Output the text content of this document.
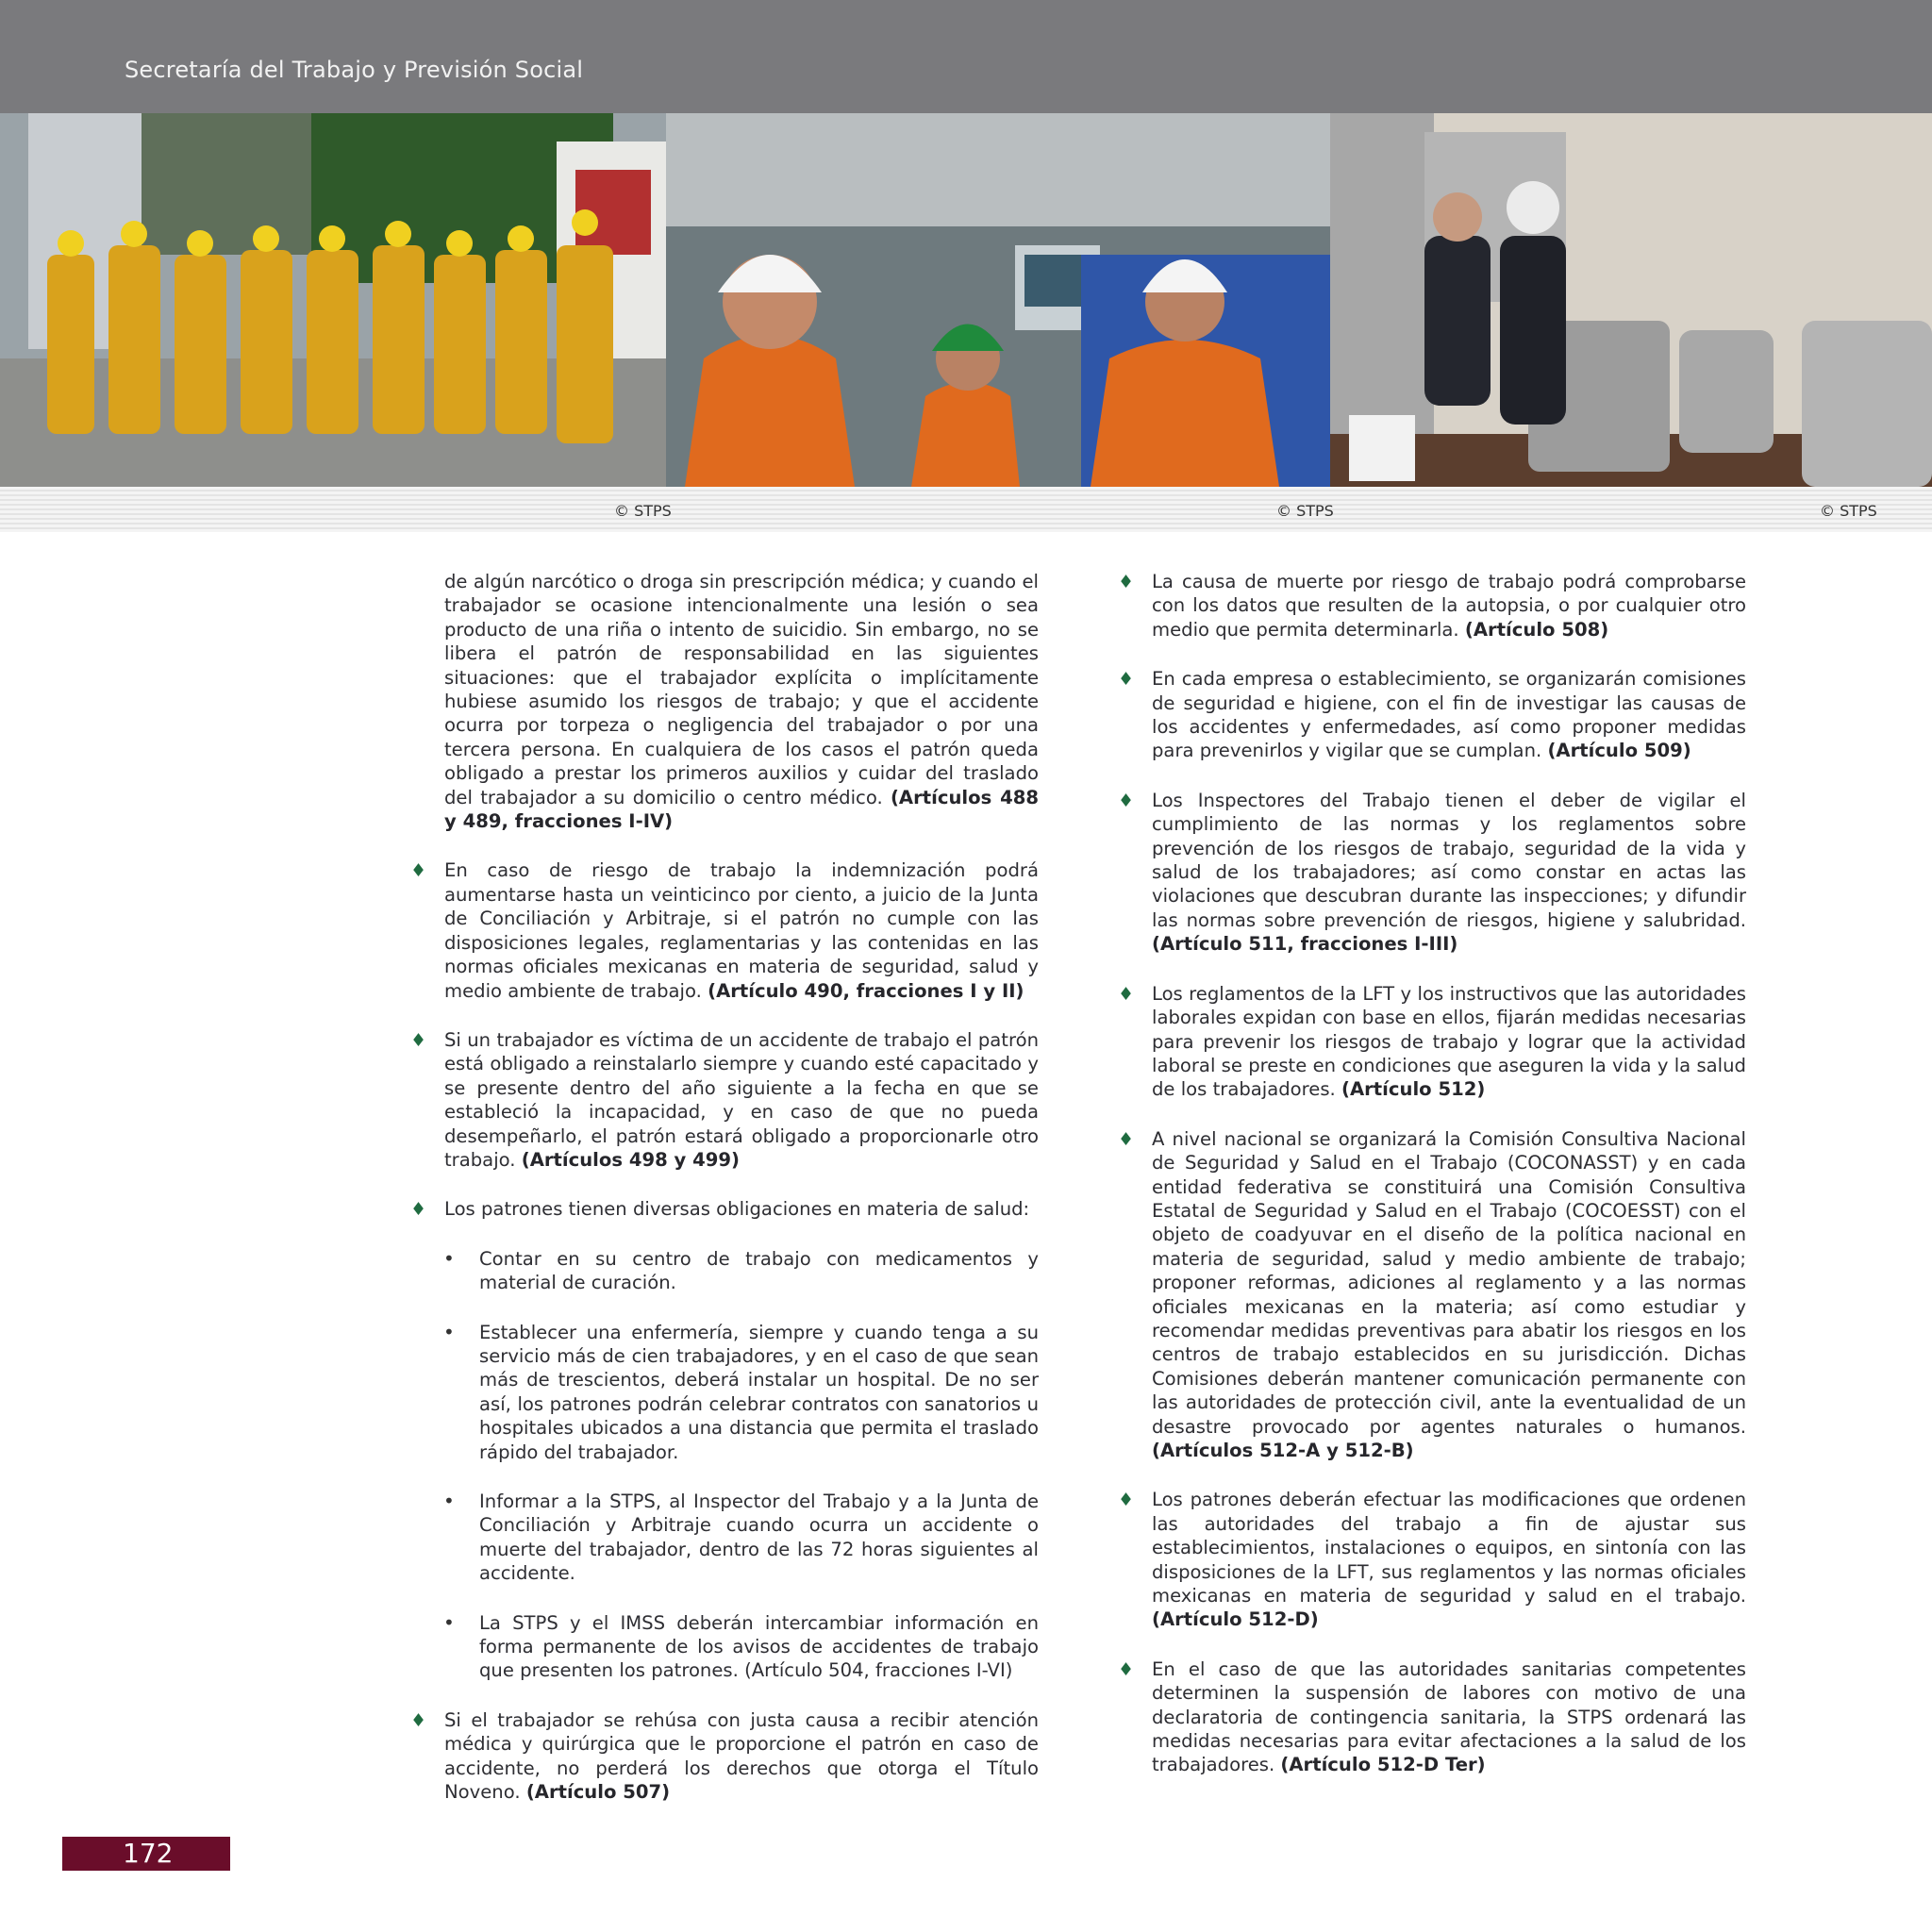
Secretaría del Trabajo y Previsión Social
© STPS	© STPS	© STPS

de algún narcótico o droga sin prescripción médica; y cuando el trabajador se ocasione intencionalmente una lesión o sea producto de una riña o intento de suicidio. Sin embargo, no se libera el patrón de responsabilidad en las siguientes situaciones: que el trabajador explícita o implícitamente hubiese asumido los riesgos de trabajo; y que el accidente ocurra por torpeza o negligencia del trabajador o por una tercera persona. En cualquiera de los casos el patrón queda obligado a prestar los primeros auxilios y cuidar del traslado del trabajador a su domicilio o centro médico. (Artículos 488 y 489, fracciones I-IV)

♦ En caso de riesgo de trabajo la indemnización podrá aumentarse hasta un veinticinco por ciento, a juicio de la Junta de Conciliación y Arbitraje, si el patrón no cumple con las disposiciones legales, reglamentarias y las contenidas en las normas oficiales mexicanas en materia de seguridad, salud y medio ambiente de trabajo. (Artículo 490, fracciones I y II)
♦ Si un trabajador es víctima de un accidente de trabajo el patrón está obligado a reinstalarlo siempre y cuando esté capacitado y se presente dentro del año siguiente a la fecha en que se estableció la incapacidad, y en caso de que no pueda desempeñarlo, el patrón estará obligado a proporcionarle otro trabajo. (Artículos 498 y 499)
♦ Los patrones tienen diversas obligaciones en materia de salud:
• Contar en su centro de trabajo con medicamentos y material de curación.
• Establecer una enfermería, siempre y cuando tenga a su servicio más de cien trabajadores, y en el caso de que sean más de trescientos, deberá instalar un hospital. De no ser así, los patrones podrán celebrar contratos con sanatorios u hospitales ubicados a una distancia que permita el traslado rápido del trabajador.
• Informar a la STPS, al Inspector del Trabajo y a la Junta de Conciliación y Arbitraje cuando ocurra un accidente o muerte del trabajador, dentro de las 72 horas siguientes al accidente.
• La STPS y el IMSS deberán intercambiar información en forma permanente de los avisos de accidentes de trabajo que presenten los patrones. (Artículo 504, fracciones I-VI)
♦ Si el trabajador se rehúsa con justa causa a recibir atención médica y quirúrgica que le proporcione el patrón en caso de accidente, no perderá los derechos que otorga el Título Noveno. (Artículo 507)
♦ La causa de muerte por riesgo de trabajo podrá comprobarse con los datos que resulten de la autopsia, o por cualquier otro medio que permita determinarla. (Artículo 508)
♦ En cada empresa o establecimiento, se organizarán comisiones de seguridad e higiene, con el fin de investigar las causas de los accidentes y enfermedades, así como proponer medidas para prevenirlos y vigilar que se cumplan. (Artículo 509)
♦ Los Inspectores del Trabajo tienen el deber de vigilar el cumplimiento de las normas y los reglamentos sobre prevención de los riesgos de trabajo, seguridad de la vida y salud de los trabajadores; así como constar en actas las violaciones que descubran durante las inspecciones; y difundir las normas sobre prevención de riesgos, higiene y salubridad. (Artículo 511, fracciones I-III)
♦ Los reglamentos de la LFT y los instructivos que las autoridades laborales expidan con base en ellos, fijarán medidas necesarias para prevenir los riesgos de trabajo y lograr que la actividad laboral se preste en condiciones que aseguren la vida y la salud de los trabajadores. (Artículo 512)
♦ A nivel nacional se organizará la Comisión Consultiva Nacional de Seguridad y Salud en el Trabajo (COCONASST) y en cada entidad federativa se constituirá una Comisión Consultiva Estatal de Seguridad y Salud en el Trabajo (COCOESST) con el objeto de coadyuvar en el diseño de la política nacional en materia de seguridad, salud y medio ambiente de trabajo; proponer reformas, adiciones al reglamento y a las normas oficiales mexicanas en la materia; así como estudiar y recomendar medidas preventivas para abatir los riesgos en los centros de trabajo establecidos en su jurisdicción. Dichas Comisiones deberán mantener comunicación permanente con las autoridades de protección civil, ante la eventualidad de un desastre provocado por agentes naturales o humanos. (Artículos 512-A y 512-B)
♦ Los patrones deberán efectuar las modificaciones que ordenen las autoridades del trabajo a fin de ajustar sus establecimientos, instalaciones o equipos, en sintonía con las disposiciones de la LFT, sus reglamentos y las normas oficiales mexicanas en materia de seguridad y salud en el trabajo. (Artículo 512-D)
♦ En el caso de que las autoridades sanitarias competentes determinen la suspensión de labores con motivo de una declaratoria de contingencia sanitaria, la STPS ordenará las medidas necesarias para evitar afectaciones a la salud de los trabajadores. (Artículo 512-D Ter)
172
